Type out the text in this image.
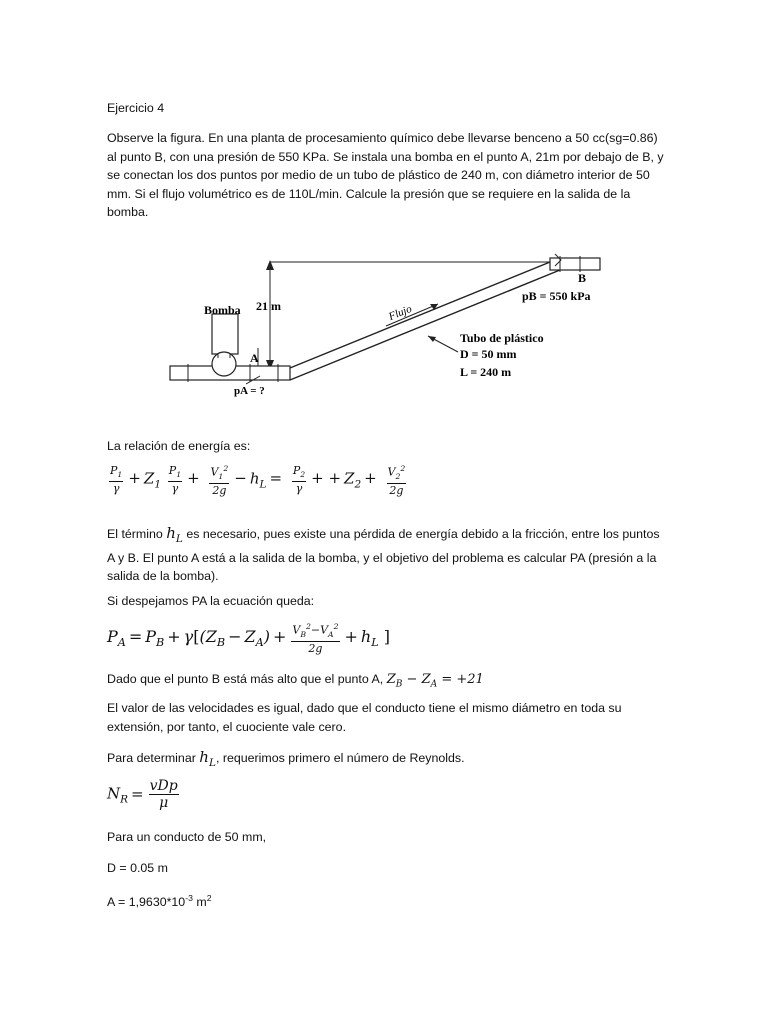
Ejercicio 4
Observe la figura. En una planta de procesamiento químico debe llevarse benceno a 50 cc(sg=0.86) al punto B, con una presión de 550 KPa. Se instala una bomba en el punto A, 21m por debajo de B, y se conectan los dos puntos por medio de un tubo de plástico de 240 m, con diámetro interior de 50 mm. Si el flujo volumétrico es de 110L/min. Calcule la presión que se requiere en la salida de la bomba.
Bomba 21 m	Flujo
B
pB = 550 kPa
Tubo de plástico
D = 50 mm
L = 240 m
A
pA = ?
La relación de energía es:
$\frac{P_1}{\gamma} + Z_1 \frac{P_1}{\gamma} + \frac{V_1^2}{2g} - h_L = \frac{P_2}{\gamma}$ + + $Z_2 + \frac{V_2^2}{2g}$
El término $h_L$ es necesario, pues existe una pérdida de energía debido a la fricción, entre los puntos A y B. El punto A está a la salida de la bomba, y el objetivo del problema es calcular PA (presión a la salida de la bomba).
Si despejamos PA la ecuación queda:
$P_A = P_B + \gamma[(Z_B - Z_A) + \frac{V_B^2-V_A^2}{2g} + h_L$ ]
Dado que el punto B está más alto que el punto A, $Z_B - Z_A = +21$
El valor de las velocidades es igual, dado que el conducto tiene el mismo diámetro en toda su extensión, por tanto, el cuociente vale cero.
Para determinar $h_L$, requerimos primero el número de Reynolds.
$N_R = \frac{\text{vDp}}{\mu}$
Para un conducto de 50 mm,
D = 0.05 m
$A = 1,9630*10^{-3}$ $m^2$
